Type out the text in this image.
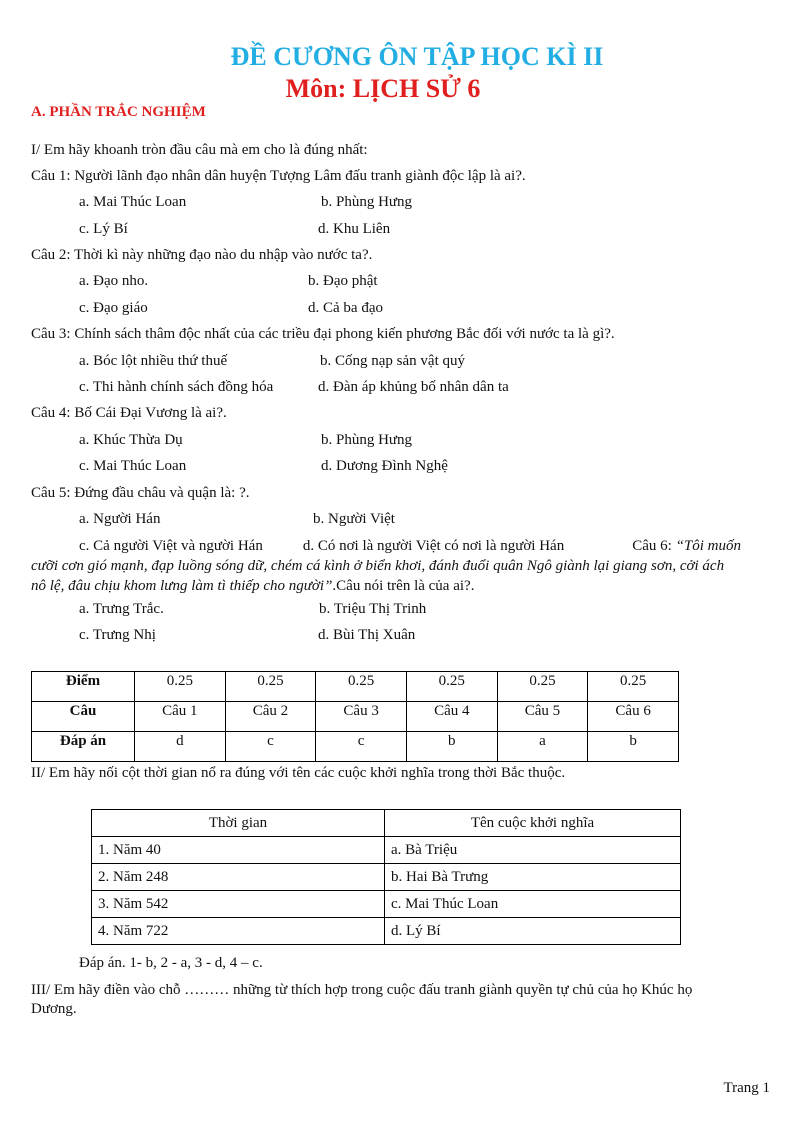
ĐỀ CƯƠNG ÔN TẬP HỌC KÌ II
Môn: LỊCH SỬ 6
A. PHẦN TRẮC NGHIỆM
I/ Em hãy khoanh tròn đầu câu mà em cho là đúng nhất:
Câu 1: Người lãnh đạo nhân dân huyện Tượng Lâm đấu tranh giành độc lập là ai?.
a. Mai Thúc Loan	b. Phùng Hưng
c. Lý Bí	d. Khu Liên
Câu 2: Thời kì này những đạo nào du nhập vào nước ta?.
a. Đạo nho.	b. Đạo phật
c. Đạo giáo	d. Cả ba đạo
Câu 3: Chính sách thâm độc nhất của các triều đại phong kiến phương Bắc đối với nước ta là gì?.
a. Bóc lột nhiều thứ thuế	b. Cống nạp sản vật quý
c. Thi hành chính sách đồng hóa	d. Đàn áp khủng bố nhân dân ta
Câu 4: Bố Cái Đại Vương là ai?.
a. Khúc Thừa Dụ	b. Phùng Hưng
c. Mai Thúc Loan	d. Dương Đình Nghệ
Câu 5: Đứng đầu châu và quận là: ?.
a. Người Hán	b. Người Việt
c. Cả người Việt và người Hán	d. Có nơi là người Việt có nơi là người Hán	Câu 6: “Tôi muốn cưỡi cơn gió mạnh, đạp luồng sóng dữ, chém cá kình ở biển khơi, đánh đuổi quân Ngô giành lại giang sơn, cởi ách nô lệ, đâu chịu khom lưng làm tì thiếp cho người”.Câu nói trên là của ai?.
a. Trưng Trắc.	b. Triệu Thị Trinh
c. Trưng Nhị	d. Bùi Thị Xuân
Điểm	0.25	0.25	0.25	0.25	0.25	0.25
Câu	Câu 1	Câu 2	Câu 3	Câu 4	Câu 5	Câu 6
Đáp án	d	c	c	b	a	b
II/ Em hãy nối cột thời gian nổ ra đúng với tên các cuộc khởi nghĩa trong thời Bắc thuộc.
Thời gian	Tên cuộc khởi nghĩa
1. Năm 40	a. Bà Triệu
2. Năm 248	b. Hai Bà Trưng
3. Năm 542	c. Mai Thúc Loan
4. Năm 722	d. Lý Bí
Đáp án. 1- b, 2 - a, 3 - d, 4 – c.
III/ Em hãy điền vào chỗ ……… những từ thích hợp trong cuộc đấu tranh giành quyền tự chủ của họ Khúc họ
Dương.
Trang 1
